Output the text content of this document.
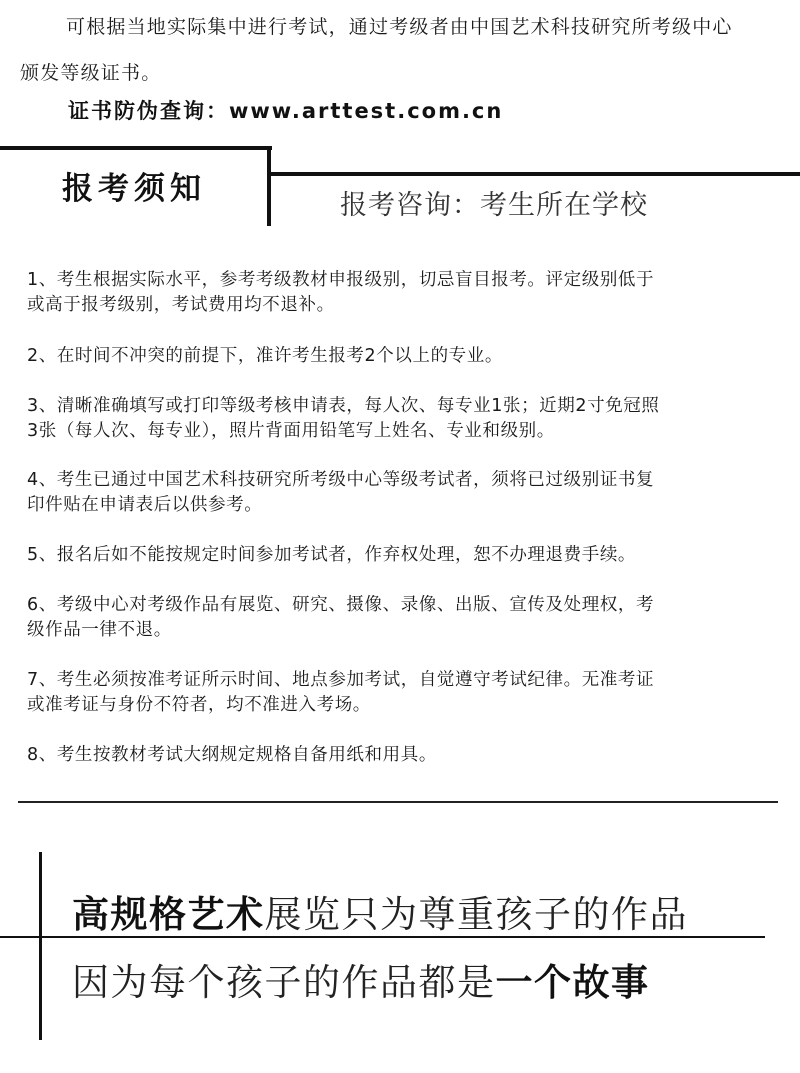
可根据当地实际集中进行考试，通过考级者由中国艺术科技研究所考级中心
颁发等级证书。
证书防伪查询：www.arttest.com.cn
报考须知	报考咨询：考生所在学校
1、考生根据实际水平，参考考级教材申报级别，切忌盲目报考。评定级别低于
或高于报考级别，考试费用均不退补。
2、在时间不冲突的前提下，准许考生报考2个以上的专业。
3、清晰准确填写或打印等级考核申请表，每人次、每专业1张；近期2寸免冠照
3张（每人次、每专业），照片背面用铅笔写上姓名、专业和级别。
4、考生已通过中国艺术科技研究所考级中心等级考试者，须将已过级别证书复
印件贴在申请表后以供参考。
5、报名后如不能按规定时间参加考试者，作弃权处理，恕不办理退费手续。
6、考级中心对考级作品有展览、研究、摄像、录像、出版、宣传及处理权，考
级作品一律不退。
7、考生必须按准考证所示时间、地点参加考试，自觉遵守考试纪律。无准考证
或准考证与身份不符者，均不准进入考场。
8、考生按教材考试大纲规定规格自备用纸和用具。
高规格艺术展览只为尊重孩子的作品
因为每个孩子的作品都是一个故事
